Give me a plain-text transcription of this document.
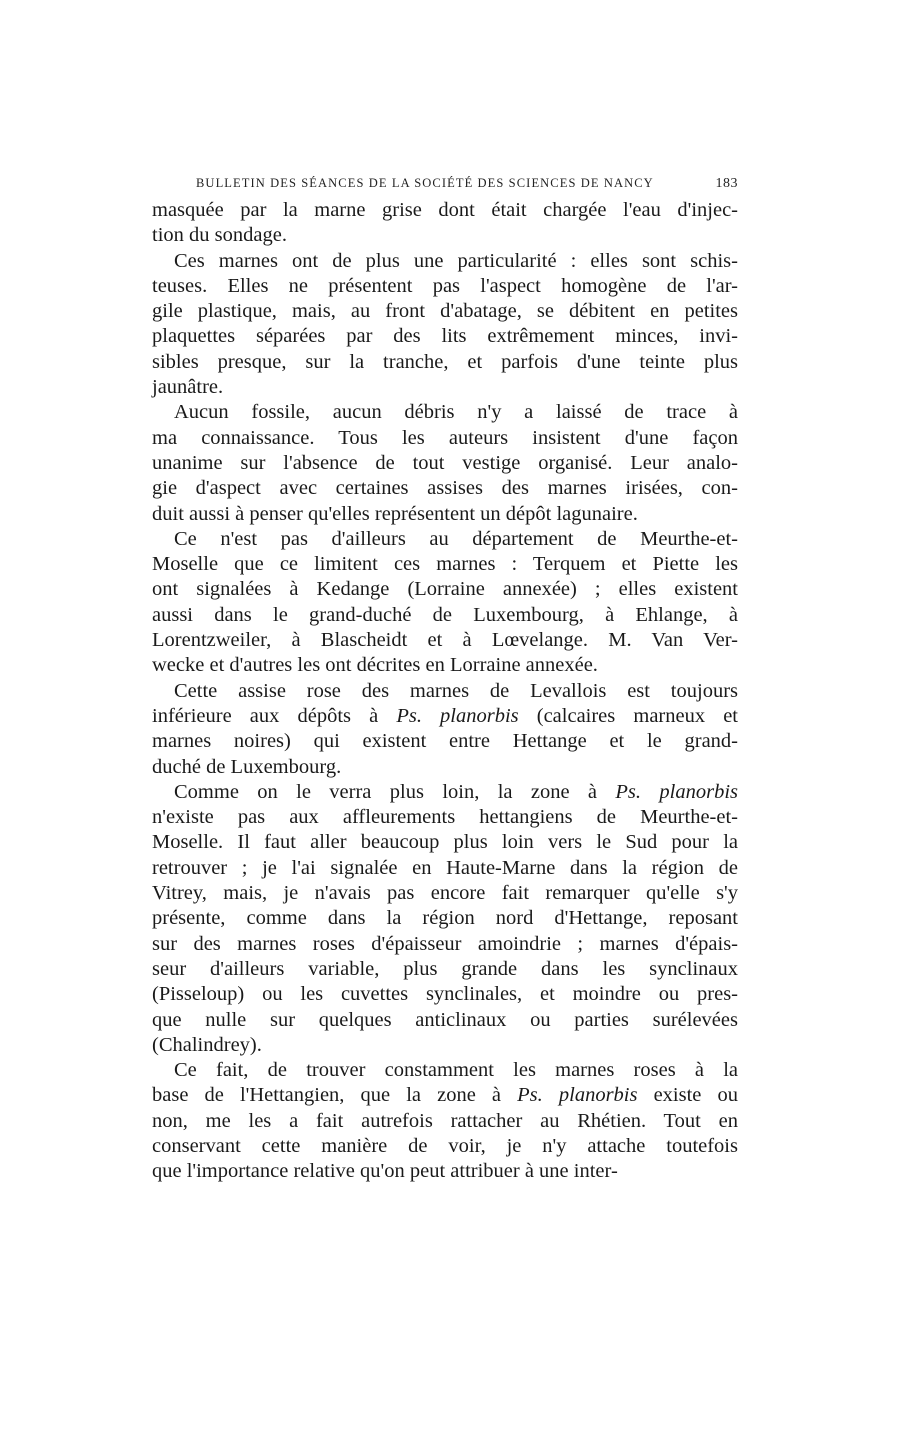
BULLETIN DES SÉANCES DE LA SOCIÉTÉ DES SCIENCES DE NANCY	183
masquée par la marne grise dont était chargée l'eau d'injec-
tion du sondage.
Ces marnes ont de plus une particularité : elles sont schis-
teuses. Elles ne présentent pas l'aspect homogène de l'ar-
gile plastique, mais, au front d'abatage, se débitent en petites
plaquettes séparées par des lits extrêmement minces, invi-
sibles presque, sur la tranche, et parfois d'une teinte plus
jaunâtre.
Aucun fossile, aucun débris n'y a laissé de trace à
ma connaissance. Tous les auteurs insistent d'une façon
unanime sur l'absence de tout vestige organisé. Leur analo-
gie d'aspect avec certaines assises des marnes irisées, con-
duit aussi à penser qu'elles représentent un dépôt lagunaire.
Ce n'est pas d'ailleurs au département de Meurthe-et-
Moselle que ce limitent ces marnes : Terquem et Piette les
ont signalées à Kedange (Lorraine annexée) ; elles existent
aussi dans le grand-duché de Luxembourg, à Ehlange, à
Lorentzweiler, à Blascheidt et à Lœvelange. M. Van Ver-
wecke et d'autres les ont décrites en Lorraine annexée.
Cette assise rose des marnes de Levallois est toujours
inférieure aux dépôts à Ps. planorbis (calcaires marneux et
marnes noires) qui existent entre Hettange et le grand-
duché de Luxembourg.
Comme on le verra plus loin, la zone à Ps. planorbis
n'existe pas aux affleurements hettangiens de Meurthe-et-
Moselle. Il faut aller beaucoup plus loin vers le Sud pour la
retrouver ; je l'ai signalée en Haute-Marne dans la région de
Vitrey, mais, je n'avais pas encore fait remarquer qu'elle s'y
présente, comme dans la région nord d'Hettange, reposant
sur des marnes roses d'épaisseur amoindrie ; marnes d'épais-
seur d'ailleurs variable, plus grande dans les synclinaux
(Pisseloup) ou les cuvettes synclinales, et moindre ou pres-
que nulle sur quelques anticlinaux ou parties surélevées
(Chalindrey).
Ce fait, de trouver constamment les marnes roses à la
base de l'Hettangien, que la zone à Ps. planorbis existe ou
non, me les a fait autrefois rattacher au Rhétien. Tout en
conservant cette manière de voir, je n'y attache toutefois
que l'importance relative qu'on peut attribuer à une inter-
